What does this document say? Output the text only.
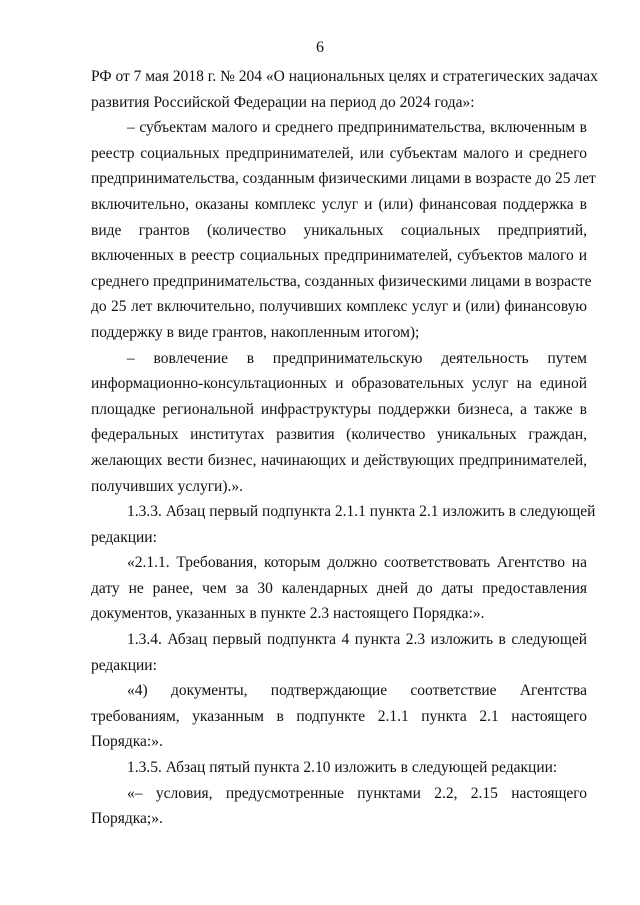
6
РФ от 7 мая 2018 г. № 204 «О национальных целях и стратегических задачах
развития Российской Федерации на период до 2024 года»:
– субъектам малого и среднего предпринимательства, включенным в
реестр социальных предпринимателей, или субъектам малого и среднего
предпринимательства, созданным физическими лицами в возрасте до 25 лет
включительно, оказаны комплекс услуг и (или) финансовая поддержка в
виде грантов (количество уникальных социальных предприятий,
включенных в реестр социальных предпринимателей, субъектов малого и
среднего предпринимательства, созданных физическими лицами в возрасте
до 25 лет включительно, получивших комплекс услуг и (или) финансовую
поддержку в виде грантов, накопленным итогом);
– вовлечение в предпринимательскую деятельность путем
информационно-консультационных и образовательных услуг на единой
площадке региональной инфраструктуры поддержки бизнеса, а также в
федеральных институтах развития (количество уникальных граждан,
желающих вести бизнес, начинающих и действующих предпринимателей,
получивших услуги).».
1.3.3. Абзац первый подпункта 2.1.1 пункта 2.1 изложить в следующей
редакции:
«2.1.1. Требования, которым должно соответствовать Агентство на
дату не ранее, чем за 30 календарных дней до даты предоставления
документов, указанных в пункте 2.3 настоящего Порядка:».
1.3.4. Абзац первый подпункта 4 пункта 2.3 изложить в следующей
редакции:
«4) документы, подтверждающие соответствие Агентства
требованиям, указанным в подпункте 2.1.1 пункта 2.1 настоящего
Порядка:».
1.3.5. Абзац пятый пункта 2.10 изложить в следующей редакции:
«– условия, предусмотренные пунктами 2.2, 2.15 настоящего
Порядка;».
